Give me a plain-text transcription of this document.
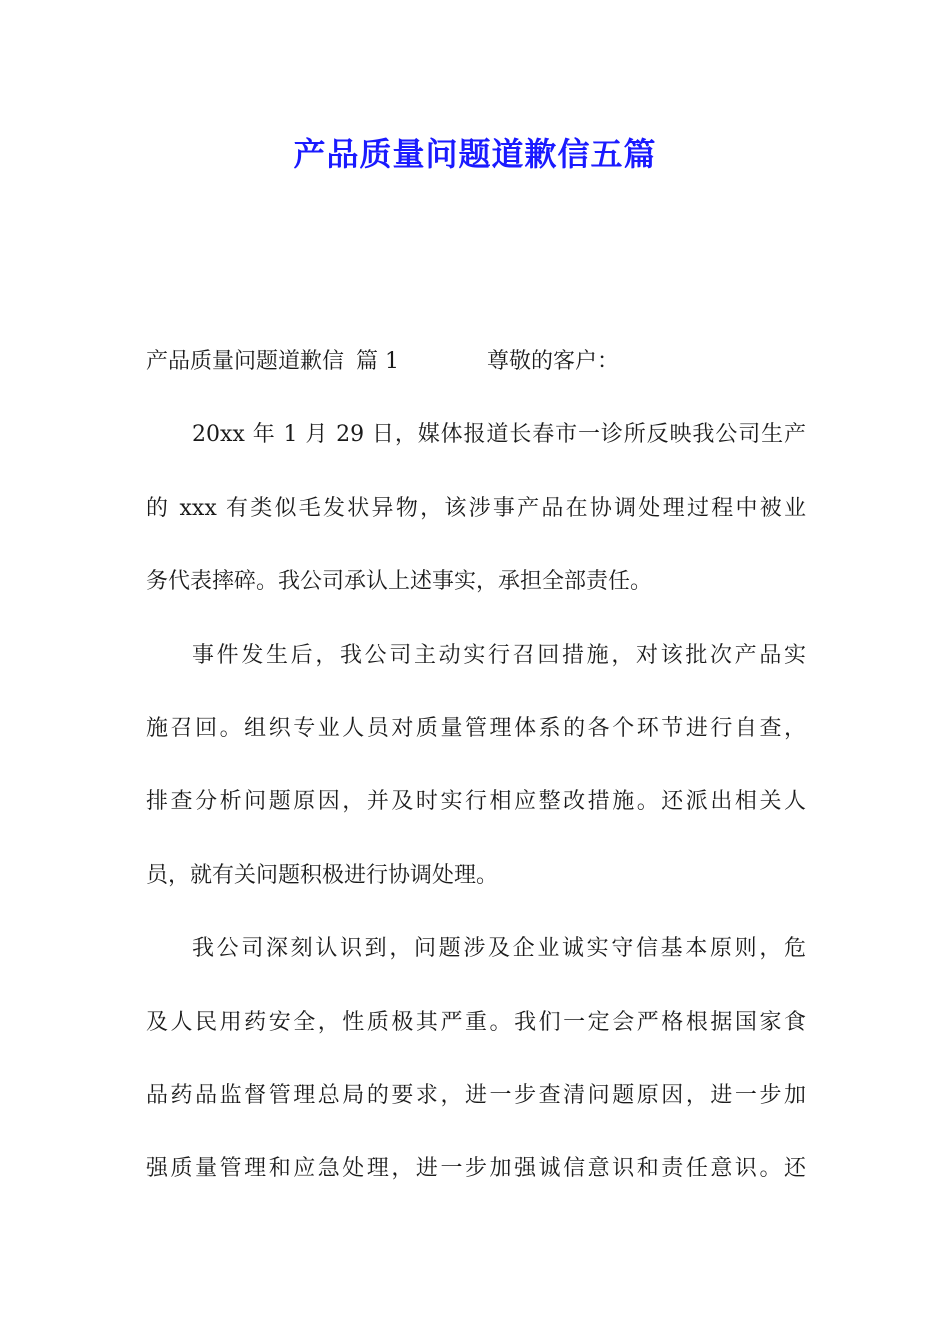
产品质量问题道歉信五篇
产品质量问题道歉信 篇 1	尊敬的客户：
20xx 年 1 月 29 日，媒体报道长春市一诊所反映我公司生产
的 xxx 有类似毛发状异物，该涉事产品在协调处理过程中被业
务代表摔碎。我公司承认上述事实，承担全部责任。
事件发生后，我公司主动实行召回措施，对该批次产品实
施召回。组织专业人员对质量管理体系的各个环节进行自查，
排查分析问题原因，并及时实行相应整改措施。还派出相关人
员，就有关问题积极进行协调处理。
我公司深刻认识到，问题涉及企业诚实守信基本原则，危
及人民用药安全，性质极其严重。我们一定会严格根据国家食
品药品监督管理总局的要求，进一步查清问题原因，进一步加
强质量管理和应急处理，进一步加强诚信意识和责任意识。还
